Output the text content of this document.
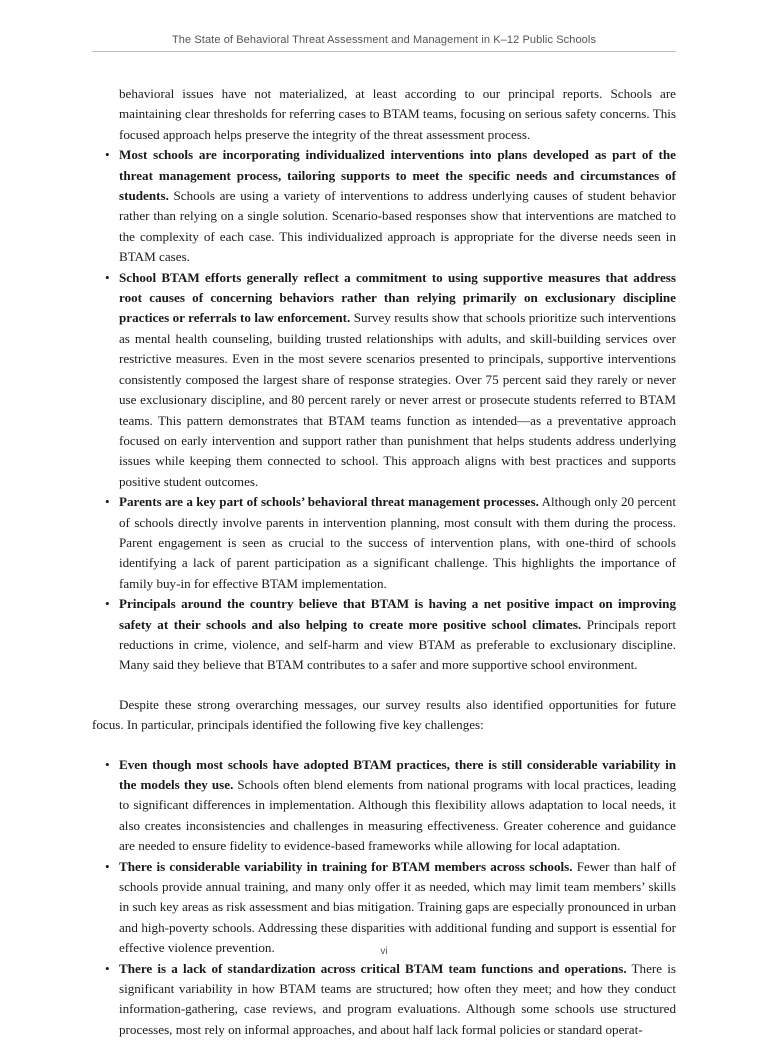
The State of Behavioral Threat Assessment and Management in K–12 Public Schools
behavioral issues have not materialized, at least according to our principal reports. Schools are maintaining clear thresholds for referring cases to BTAM teams, focusing on serious safety concerns. This focused approach helps preserve the integrity of the threat assessment process.
• Most schools are incorporating individualized interventions into plans developed as part of the threat management process, tailoring supports to meet the specific needs and circumstances of students. Schools are using a variety of interventions to address underlying causes of student behavior rather than relying on a single solution. Scenario-based responses show that interventions are matched to the complexity of each case. This individualized approach is appropriate for the diverse needs seen in BTAM cases.
• School BTAM efforts generally reflect a commitment to using supportive measures that address root causes of concerning behaviors rather than relying primarily on exclusionary discipline practices or referrals to law enforcement. Survey results show that schools prioritize such interventions as mental health counseling, building trusted relationships with adults, and skill-building services over restrictive measures. Even in the most severe scenarios presented to principals, supportive interventions consistently composed the largest share of response strategies. Over 75 percent said they rarely or never use exclusionary discipline, and 80 percent rarely or never arrest or prosecute students referred to BTAM teams. This pattern demonstrates that BTAM teams function as intended—as a preventative approach focused on early intervention and support rather than punishment that helps students address underlying issues while keeping them connected to school. This approach aligns with best practices and supports positive student outcomes.
• Parents are a key part of schools’ behavioral threat management processes. Although only 20 percent of schools directly involve parents in intervention planning, most consult with them during the process. Parent engagement is seen as crucial to the success of intervention plans, with one-third of schools identifying a lack of parent participation as a significant challenge. This highlights the importance of family buy-in for effective BTAM implementation.
• Principals around the country believe that BTAM is having a net positive impact on improving safety at their schools and also helping to create more positive school climates. Principals report reductions in crime, violence, and self-harm and view BTAM as preferable to exclusionary discipline. Many said they believe that BTAM contributes to a safer and more supportive school environment.

Despite these strong overarching messages, our survey results also identified opportunities for future focus. In particular, principals identified the following five key challenges:

• Even though most schools have adopted BTAM practices, there is still considerable variability in the models they use. Schools often blend elements from national programs with local practices, leading to significant differences in implementation. Although this flexibility allows adaptation to local needs, it also creates inconsistencies and challenges in measuring effectiveness. Greater coherence and guidance are needed to ensure fidelity to evidence-based frameworks while allowing for local adaptation.
• There is considerable variability in training for BTAM members across schools. Fewer than half of schools provide annual training, and many only offer it as needed, which may limit team members’ skills in such key areas as risk assessment and bias mitigation. Training gaps are especially pronounced in urban and high-poverty schools. Addressing these disparities with additional funding and support is essential for effective violence prevention.
• There is a lack of standardization across critical BTAM team functions and operations. There is significant variability in how BTAM teams are structured; how often they meet; and how they conduct information-gathering, case reviews, and program evaluations. Although some schools use structured processes, most rely on informal approaches, and about half lack formal policies or standard operat-
vi
